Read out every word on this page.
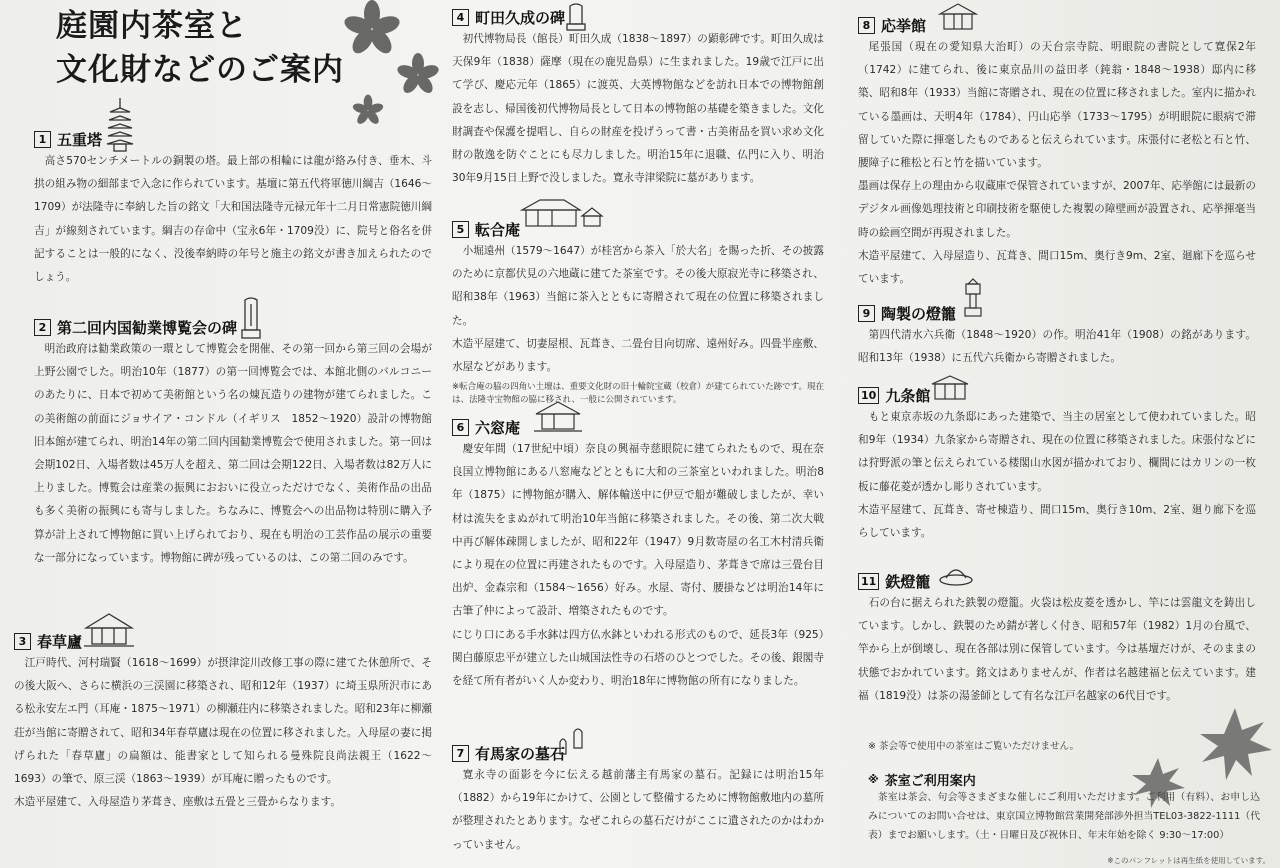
庭園内茶室と
文化財などのご案内
1 五重塔
高さ570センチメートルの銅製の塔。最上部の相輪には龍が絡み付き、垂木、斗拱の組み物の細部まで入念に作られています。基壇に第五代将軍徳川綱吉（1646～1709）が法隆寺に奉納した旨の銘文「大和国法隆寺元禄元年十二月日常憲院徳川綱吉」が線刻されています。綱吉の存命中（宝永6年・1709没）に、院号と俗名を併記することは一般的になく、没後奉納時の年号と施主の銘文が書き加えられたのでしょう。
2 第二回内国勧業博覧会の碑
明治政府は勧業政策の一環として博覧会を開催、その第一回から第三回の会場が上野公園でした。明治10年（1877）の第一回博覧会では、本館北側のバルコニーのあたりに、日本で初めて美術館という名の煉瓦造りの建物が建てられました。この美術館の前面にジョサイア・コンドル（イギリス　1852～1920）設計の博物館旧本館が建てられ、明治14年の第二回内国勧業博覧会で使用されました。第一回は会期102日、入場者数は45万人を超え、第二回は会期122日、入場者数は82万人に上りました。博覧会は産業の振興におおいに役立っただけでなく、美術作品の出品も多く美術の振興にも寄与しました。ちなみに、博覧会への出品物は特別に購入予算が計上されて博物館に買い上げられており、現在も明治の工芸作品の展示の重要な一部分になっています。博物館に碑が残っているのは、この第二回のみです。
3 春草廬
江戸時代、河村瑞賢（1618～1699）が摂津淀川改修工事の際に建てた休憩所で、その後大阪へ、さらに横浜の三渓園に移築され、昭和12年（1937）に埼玉県所沢市にある松永安左エ門（耳庵・1875～1971）の柳瀬荘内に移築されました。昭和23年に柳瀬荘が当館に寄贈されて、昭和34年春草廬は現在の位置に移されました。入母屋の妻に掲げられた「春草廬」の扁額は、能書家として知られる曼殊院良尚法親王（1622～1693）の筆で、原三渓（1863～1939）が耳庵に贈ったものです。
木造平屋建て、入母屋造り茅葺き、座敷は五畳と三畳からなります。
4 町田久成の碑
初代博物局長（館長）町田久成（1838～1897）の顕彰碑です。町田久成は天保9年（1838）薩摩（現在の鹿児島県）に生まれました。19歳で江戸に出て学び、慶応元年（1865）に渡英、大英博物館などを訪れ日本での博物館創設を志し、帰国後初代博物局長として日本の博物館の基礎を築きました。文化財調査や保護を提唱し、自らの財産を投げうって書・古美術品を買い求め文化財の散逸を防ぐことにも尽力しました。明治15年に退職、仏門に入り、明治30年9月15日上野で没しました。寛永寺津梁院に墓があります。
5 転合庵
小堀遠州（1579～1647）が桂宮から茶入「於大名」を賜った折、その披露のために京都伏見の六地蔵に建てた茶室です。その後大原寂光寺に移築され、昭和38年（1963）当館に茶入とともに寄贈されて現在の位置に移築されました。
木造平屋建て、切妻屋根、瓦葺き、二畳台目向切席、遠州好み。四畳半座敷、水屋などがあります。
※転合庵の脇の四角い土壇は、重要文化財の旧十輪院宝蔵（校倉）が建てられていた跡です。現在は、法隆寺宝物館の脇に移され、一般に公開されています。
6 六窓庵
慶安年間（17世紀中頃）奈良の興福寺慈眼院に建てられたもので、現在奈良国立博物館にある八窓庵などとともに大和の三茶室といわれました。明治8年（1875）に博物館が購入、解体輸送中に伊豆で船が難破しましたが、幸い材は流失をまぬがれて明治10年当館に移築されました。その後、第二次大戦中再び解体疎開しましたが、昭和22年（1947）9月数寄屋の名工木村清兵衛により現在の位置に再建されたものです。入母屋造り、茅葺きで席は三畳台目出炉、金森宗和（1584～1656）好み。水屋、寄付、腰掛などは明治14年に古筆了仲によって設計、増築されたものです。
にじり口にある手水鉢は四方仏水鉢といわれる形式のもので、延長3年（925）関白藤原忠平が建立した山城国法性寺の石塔のひとつでした。その後、銀閣寺を経て所有者がいく人か変わり、明治18年に博物館の所有になりました。
7 有馬家の墓石
寛永寺の面影を今に伝える越前藩主有馬家の墓石。記録には明治15年（1882）から19年にかけて、公園として整備するために博物館敷地内の墓所が整理されたとあります。なぜこれらの墓石だけがここに遺されたのかはわかっていません。
8 応挙館
尾張国（現在の愛知県大治町）の天台宗寺院、明眼院の書院として寛保2年（1742）に建てられ、後に東京品川の益田孝（鈍翁・1848～1938）邸内に移築、昭和8年（1933）当館に寄贈され、現在の位置に移されました。室内に描かれている墨画は、天明4年（1784）、円山応挙（1733～1795）が明眼院に眼病で滞留していた際に揮毫したものであると伝えられています。床張付に老松と石と竹、腰障子に稚松と石と竹を描いています。
墨画は保存上の理由から収蔵庫で保管されていますが、2007年、応挙館には最新のデジタル画像処理技術と印刷技術を駆使した複製の障壁画が設置され、応挙揮毫当時の絵画空間が再現されました。
木造平屋建て、入母屋造り、瓦葺き、間口15m、奥行き9m、2室、廻廊下を巡らせています。
9 陶製の燈籠
第四代清水六兵衛（1848～1920）の作。明治41年（1908）の銘があります。昭和13年（1938）に五代六兵衛から寄贈されました。
10 九条館
もと東京赤坂の九条邸にあった建築で、当主の居室として使われていました。昭和9年（1934）九条家から寄贈され、現在の位置に移築されました。床張付などには狩野派の筆と伝えられている楼閣山水図が描かれており、欄間にはカリンの一枚板に藤花菱が透かし彫りされています。
木造平屋建て、瓦葺き、寄せ棟造り、間口15m、奥行き10m、2室、廻り廊下を巡らしています。
11 鉄燈籠
石の台に据えられた鉄製の燈籠。火袋は松皮菱を透かし、竿には雲龍文を鋳出しています。しかし、鉄製のため錆が著しく付き、昭和57年（1982）1月の台風で、竿から上が倒壊し、現在各部は別に保管しています。今は基壇だけが、そのままの状態でおかれています。銘文はありませんが、作者は名越建福と伝えています。建福（1819没）は茶の湯釜師として有名な江戸名越家の6代目です。
※ 茶会等で使用中の茶室はご覧いただけません。
※ 茶室ご利用案内
茶室は茶会、句会等さまざまな催しにご利用いただけます。ご利用（有料）、お申し込みについてのお問い合せは、東京国立博物館営業開発部渉外担当TEL03-3822-1111（代表）までお願いします。（土・日曜日及び祝休日、年末年始を除く 9:30～17:00）
※このパンフレットは再生紙を使用しています。
